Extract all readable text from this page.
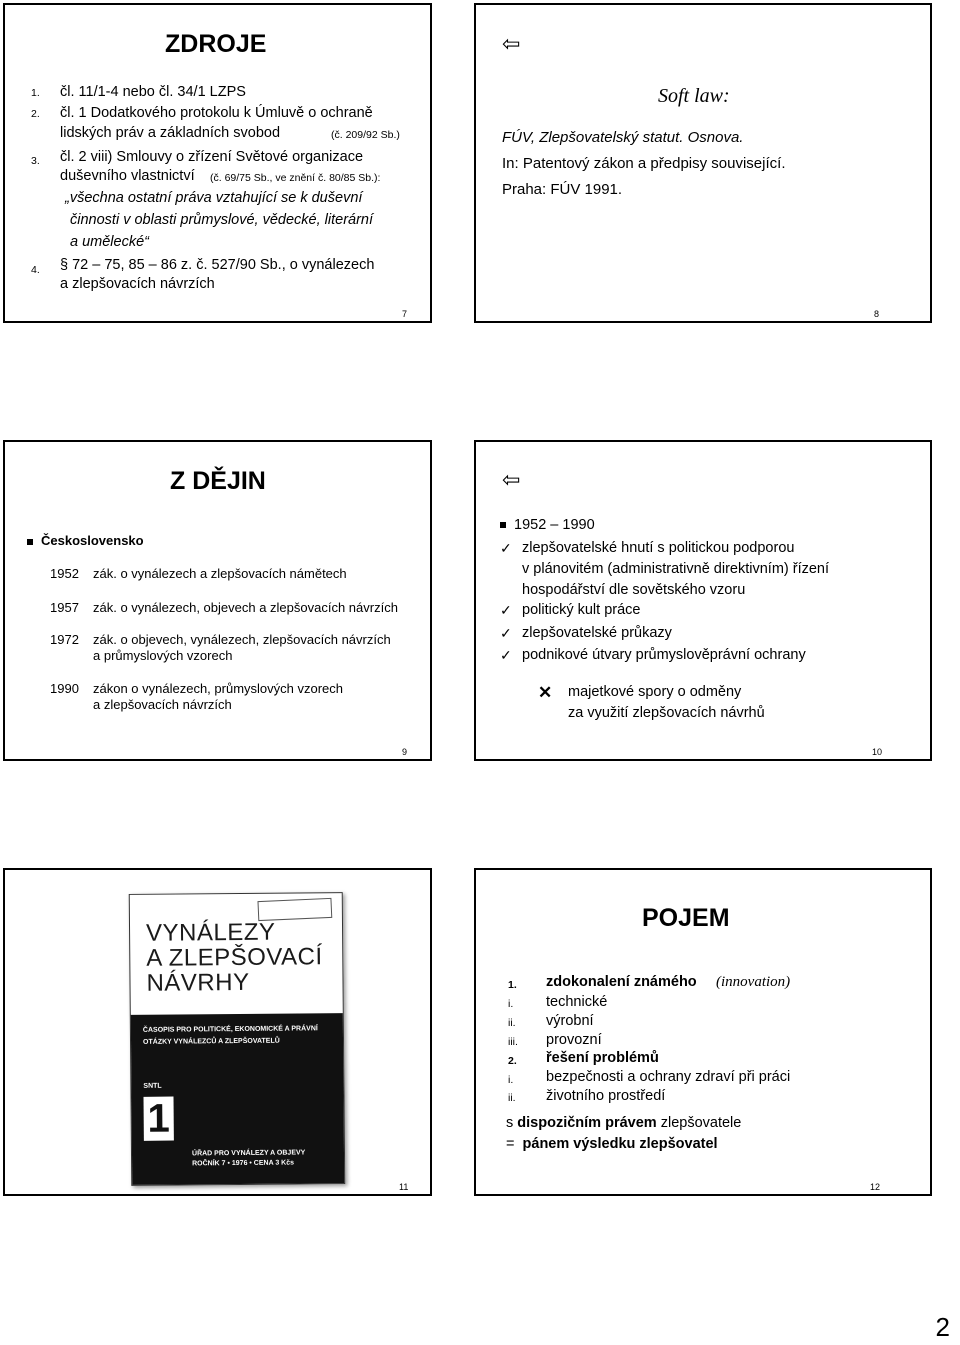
ZDROJE
1. čl. 11/1-4 nebo čl. 34/1 LZPS
2. čl. 1 Dodatkového protokolu k Úmluvě o ochraně
lidských práv a základních svobod	(č. 209/92 Sb.)
3. čl. 2 viii) Smlouvy o zřízení Světové organizace
duševního vlastnictví (č. 69/75 Sb., ve znění č. 80/85 Sb.):
„všechna ostatní práva vztahující se k duševní
činnosti v oblasti průmyslové, vědecké, literární
a umělecké“
4. § 72 – 75, 85 – 86 z. č. 527/90 Sb., o vynálezech
a zlepšovacích návrzích
7
⇦
Soft law:
FÚV, Zlepšovatelský statut. Osnova.
In: Patentový zákon a předpisy související.
Praha: FÚV 1991.
8
Z DĚJIN
Československo
1952 zák. o vynálezech a zlepšovacích námětech
1957 zák. o vynálezech, objevech a zlepšovacích návrzích
1972 zák. o objevech, vynálezech, zlepšovacích návrzích
a průmyslových vzorech
1990 zákon o vynálezech, průmyslových vzorech
a zlepšovacích návrzích
9
⇦
1952 – 1990
✓ zlepšovatelské hnutí s politickou podporou
v plánovitém (administrativně direktivním) řízení
hospodářství dle sovětského vzoru
✓ politický kult práce
✓ zlepšovatelské průkazy
✓ podnikové útvary průmyslověprávní ochrany
✕ majetkové spory o odměny
za využití zlepšovacích návrhů
10
VYNÁLEZY
A ZLEPŠOVACÍ
NÁVRHY
ČASOPIS PRO POLITICKÉ, EKONOMICKÉ A PRÁVNÍ
OTÁZKY VYNÁLEZCŮ A ZLEPŠOVATELŮ
SNTL
1
ÚŘAD PRO VYNÁLEZY A OBJEVY
ROČNÍK 7 • 1976 • CENA 3 Kčs
11
POJEM
1. zdokonalení známého (innovation)
i. technické
ii. výrobní
iii. provozní
2. řešení problémů
i. bezpečnosti a ochrany zdraví při práci
ii. životního prostředí
s dispozičním právem zlepšovatele
= pánem výsledku zlepšovatel
12
2
